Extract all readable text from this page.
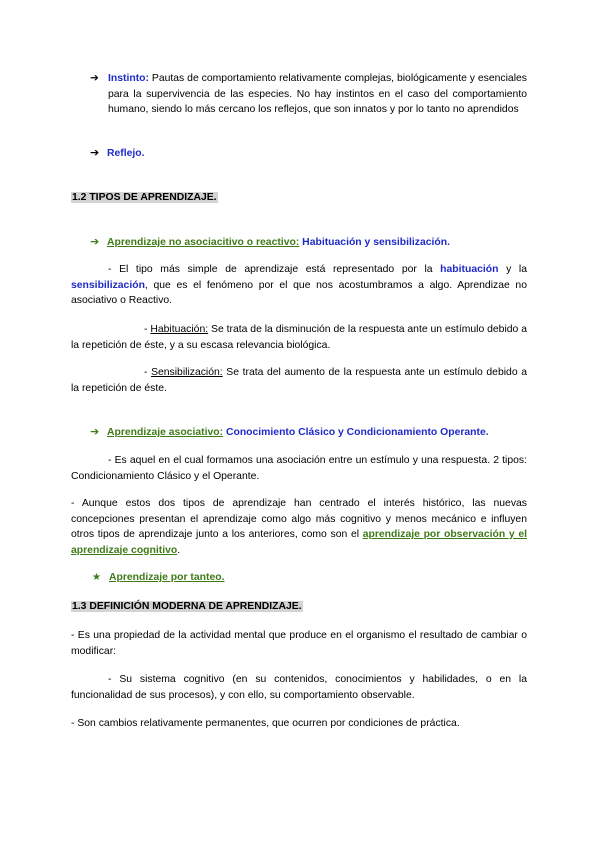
➔ Instinto: Pautas de comportamiento relativamente complejas, biológicamente y esenciales para la supervivencia de las especies. No hay instintos en el caso del comportamiento humano, siendo lo más cercano los reflejos, que son innatos y por lo tanto no aprendidos
➔ Reflejo.
1.2 TIPOS DE APRENDIZAJE.
➔ Aprendizaje no asociacitivo o reactivo: Habituación y sensibilización.
- El tipo más simple de aprendizaje está representado por la habituación y la sensibilización, que es el fenómeno por el que nos acostumbramos a algo. Aprendizae no asociativo o Reactivo.
- Habituación: Se trata de la disminución de la respuesta ante un estímulo debido a la repetición de éste, y a su escasa relevancia biológica.
- Sensibilización: Se trata del aumento de la respuesta ante un estímulo debido a la repetición de éste.
➔ Aprendizaje asociativo: Conocimiento Clásico y Condicionamiento Operante.
- Es aquel en el cual formamos una asociación entre un estímulo y una respuesta. 2 tipos: Condicionamiento Clásico y el Operante.
- Aunque estos dos tipos de aprendizaje han centrado el interés histórico, las nuevas concepciones presentan el aprendizaje como algo más cognitivo y menos mecánico e influyen otros tipos de aprendizaje junto a los anteriores, como son el aprendizaje por observación y el aprendizaje cognitivo.
★ Aprendizaje por tanteo.
1.3 DEFINICIÓN MODERNA DE APRENDIZAJE.
- Es una propiedad de la actividad mental que produce en el organismo el resultado de cambiar o modificar:
- Su sistema cognitivo (en su contenidos, conocimientos y habilidades, o en la funcionalidad de sus procesos), y con ello, su comportamiento observable.
- Son cambios relativamente permanentes, que ocurren por condiciones de práctica.
